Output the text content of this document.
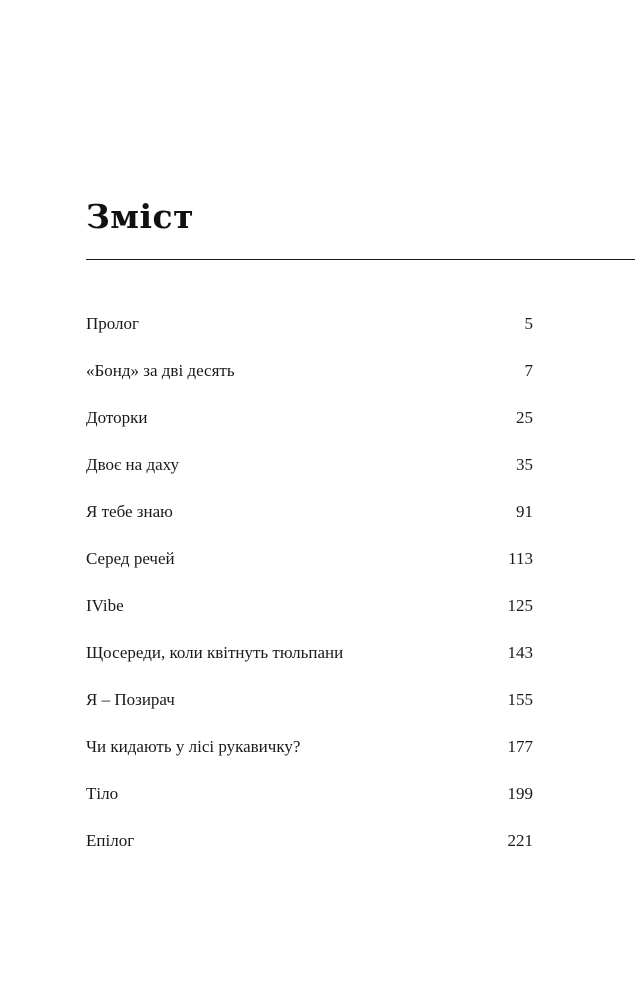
Зміст
Пролог	5
«Бонд» за дві десять	7
Доторки	25
Двоє на даху	35
Я тебе знаю	91
Серед речей	113
IVibe	125
Щосереди, коли квітнуть тюльпани	143
Я – Позирач	155
Чи кидають у лісі рукавичку?	177
Тіло	199
Епілог	221
